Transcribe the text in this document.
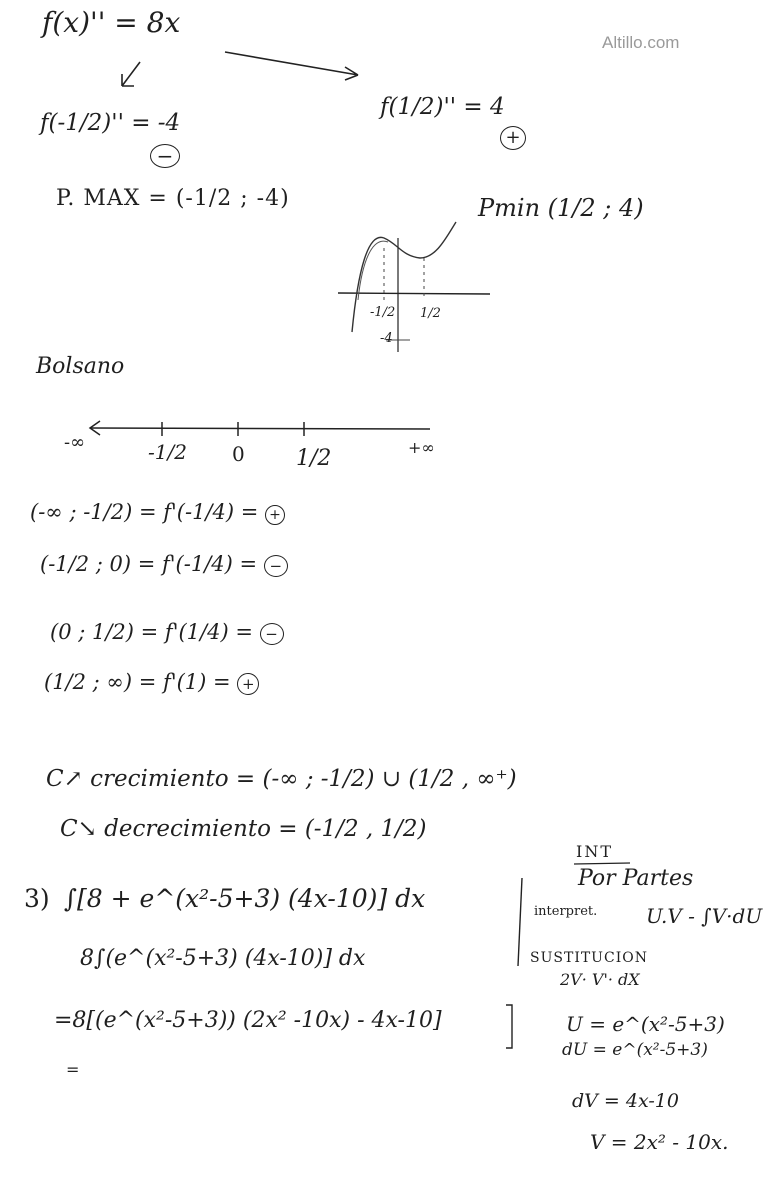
Altillo.com
f(x)'' = 8x
f(-1/2)'' = -4
−
f(1/2)'' = 4
+
P. MAX = (-1/2 ; -4)	Pmin (1/2 ; 4)
-1/2 1/2
-4
Bolsano
-∞	-1/2 0 1/2	+∞
(-∞ ; -1/2) = f'(-1/4) = +
(-1/2 ; 0) = f'(-1/4) = −
(0 ; 1/2) = f'(1/4) = −
(1/2 ; ∞) = f'(1) = +
C↗ crecimiento = (-∞ ; -1/2) ∪ (1/2 , ∞⁺)
C↘ decrecimiento = (-1/2 , 1/2)
3) ∫[8 + e^(x²-5+3) (4x-10)] dx
8∫(e^(x²-5+3) (4x-10)] dx
=8[(e^(x²-5+3)) (2x² -10x) - 4x-10]
=
INT
Por Partes
interpret. U.V - ∫V·dU
SUSTITUCION
2V· V'· dX
U = e^(x²-5+3)
dU = e^(x²-5+3)
dV = 4x-10
V = 2x² - 10x.
